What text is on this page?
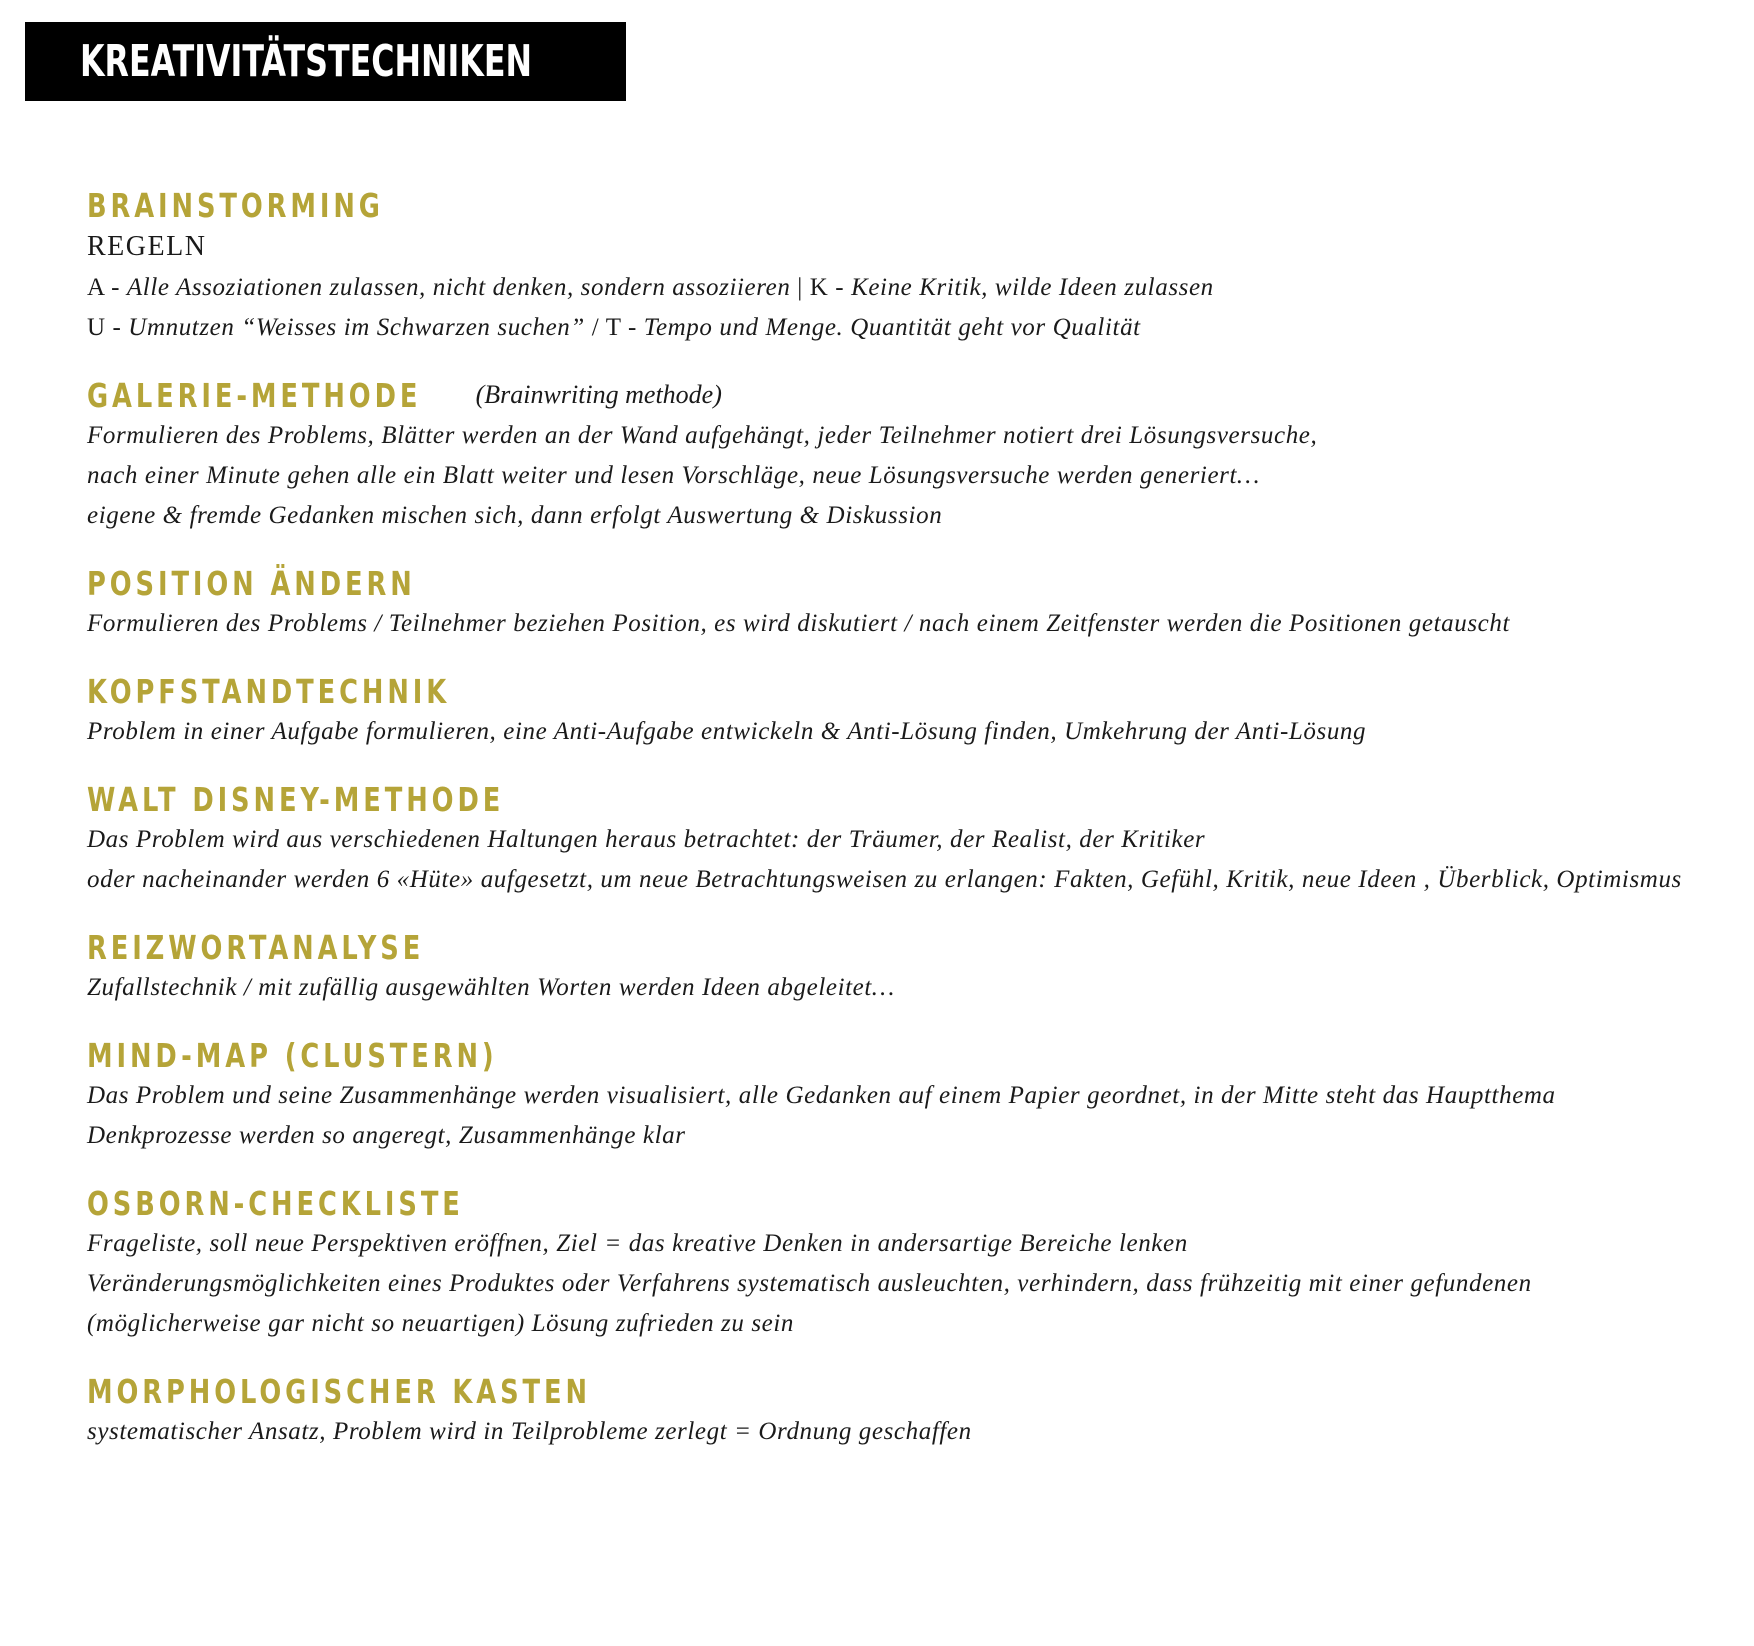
KREATIVITÄTSTECHNIKEN
BRAINSTORMING
REGELN
A - Alle Assoziationen zulassen, nicht denken, sondern assoziieren | K - Keine Kritik, wilde Ideen zulassen
U - Umnutzen “Weisses im Schwarzen suchen” / T - Tempo und Menge. Quantität geht vor Qualität
GALERIE-METHODE (Brainwriting methode)
Formulieren des Problems, Blätter werden an der Wand aufgehängt, jeder Teilnehmer notiert drei Lösungsversuche,
nach einer Minute gehen alle ein Blatt weiter und lesen Vorschläge, neue Lösungsversuche werden generiert…
eigene & fremde Gedanken mischen sich, dann erfolgt Auswertung & Diskussion
POSITION ÄNDERN
Formulieren des Problems / Teilnehmer beziehen Position, es wird diskutiert / nach einem Zeitfenster werden die Positionen getauscht
KOPFSTANDTECHNIK
Problem in einer Aufgabe formulieren, eine Anti-Aufgabe entwickeln & Anti-Lösung finden, Umkehrung der Anti-Lösung
WALT DISNEY-METHODE
Das Problem wird aus verschiedenen Haltungen heraus betrachtet: der Träumer, der Realist, der Kritiker
oder nacheinander werden 6 «Hüte» aufgesetzt, um neue Betrachtungsweisen zu erlangen: Fakten, Gefühl, Kritik, neue Ideen , Überblick, Optimismus
REIZWORTANALYSE
Zufallstechnik / mit zufällig ausgewählten Worten werden Ideen abgeleitet…
MIND-MAP (CLUSTERN)
Das Problem und seine Zusammenhänge werden visualisiert, alle Gedanken auf einem Papier geordnet, in der Mitte steht das Hauptthema
Denkprozesse werden so angeregt, Zusammenhänge klar
OSBORN-CHECKLISTE
Frageliste, soll neue Perspektiven eröffnen, Ziel = das kreative Denken in andersartige Bereiche lenken
Veränderungsmöglichkeiten eines Produktes oder Verfahrens systematisch ausleuchten, verhindern, dass frühzeitig mit einer gefundenen (möglicherweise gar nicht so neuartigen) Lösung zufrieden zu sein
MORPHOLOGISCHER KASTEN
systematischer Ansatz, Problem wird in Teilprobleme zerlegt = Ordnung geschaffen
